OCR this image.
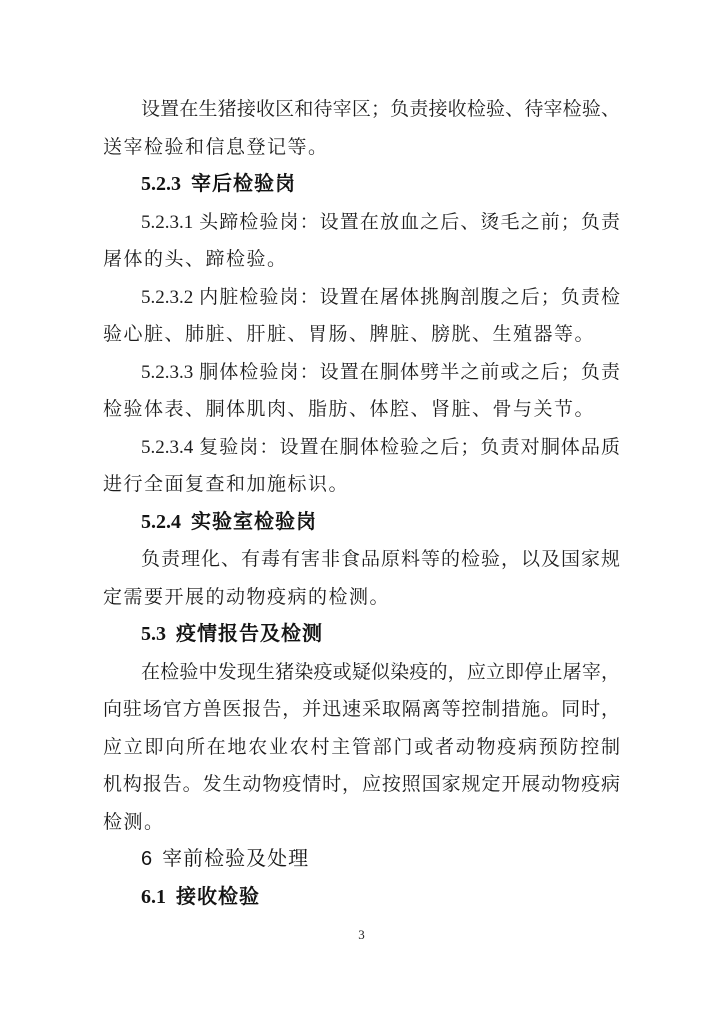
设置在生猪接收区和待宰区；负责接收检验、待宰检验、
送宰检验和信息登记等。
5.2.3 宰后检验岗
5.2.3.1 头蹄检验岗：设置在放血之后、烫毛之前；负责
屠体的头、蹄检验。
5.2.3.2 内脏检验岗：设置在屠体挑胸剖腹之后；负责检
验心脏、肺脏、肝脏、胃肠、脾脏、膀胱、生殖器等。
5.2.3.3 胴体检验岗：设置在胴体劈半之前或之后；负责
检验体表、胴体肌肉、脂肪、体腔、肾脏、骨与关节。
5.2.3.4 复验岗：设置在胴体检验之后；负责对胴体品质
进行全面复查和加施标识。
5.2.4 实验室检验岗
负责理化、有毒有害非食品原料等的检验，以及国家规
定需要开展的动物疫病的检测。
5.3 疫情报告及检测
在检验中发现生猪染疫或疑似染疫的，应立即停止屠宰，
向驻场官方兽医报告，并迅速采取隔离等控制措施。同时，
应立即向所在地农业农村主管部门或者动物疫病预防控制
机构报告。发生动物疫情时，应按照国家规定开展动物疫病
检测。
6 宰前检验及处理
6.1 接收检验
3
